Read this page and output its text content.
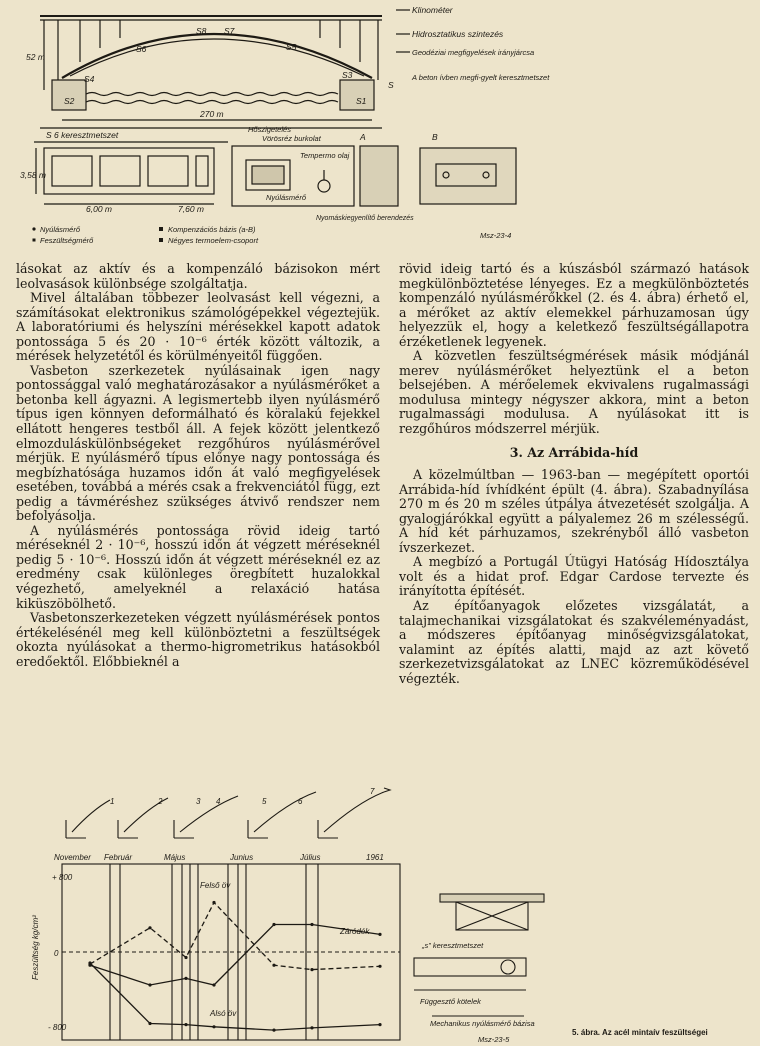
S8 S7
S6	S5
S4	S3
S2	S1
S
270 m
52 m
Klinométer
Hidrosztatikus szintezés
Geodéziai megfigyelések irányjárcsa
A beton ívben megfi-gyelt keresztmetszet
S 6 keresztmetszet
3,58 m
6,00 m	7,60 m
Hőszigetelés
Vörösréz burkolat
Tempermo olaj
Nyúlásmérő
Nyomáskiegyenlítő berendezés
A	B
Nyúlásmérő
Feszültségmérő
Kompenzációs bázis (a-B)
Négyes termoelem-csoport
Msz-23-4

lásokat az aktív és a kompenzáló bázisokon mért leolvasások különbsége szolgáltatja.

Mivel általában többezer leolvasást kell végezni, a számításokat elektronikus számológépekkel végeztejük. A laboratóriumi és helyszíni mérésekkel kapott adatok pontossága 5 és 20 · 10⁻⁶ érték között változik, a mérések helyzetétől és körülményeitől függően.

Vasbeton szerkezetek nyúlásainak igen nagy pontossággal való meghatározásakor a nyúlásmérőket a betonba kell ágyazni. A legismertebb ilyen nyúlásmérő típus igen könnyen deformálható és köralakú fejekkel ellátott hengeres testből áll. A fejek között jelentkező elmozduláskülönbségeket rezgőhúros nyúlásmérővel mérjük. E nyúlásmérő típus előnye nagy pontossága és megbízhatósága huzamos időn át való megfigyelések esetében, továbbá a mérés csak a frekvenciától függ, ezt pedig a távméréshez szükséges átvivő rendszer nem befolyásolja.

A nyúlásmérés pontossága rövid ideig tartó méréseknél 2 · 10⁻⁶, hosszú időn át végzett méréseknél pedig 5 · 10⁻⁶. Hosszú időn át végzett méréseknél ez az eredmény csak különleges öregbített huzalokkal végezhető, amelyeknél a relaxáció hatása kiküszöbölhető.

Vasbetonszerkezeteken végzett nyúlásmérések pontos értékelésénél meg kell különböztetni a feszültségek okozta nyúlásokat a thermo-higrometrikus hatásokból eredőektől. Előbbieknél a

rövid ideig tartó és a kúszásból származó hatások megkülönböztetése lényeges. Ez a megkülönböztetés kompenzáló nyúlásmérőkkel (2. és 4. ábra) érhető el, a mérőket az aktív elemekkel párhuzamosan úgy helyezzük el, hogy a keletkező feszültségállapotra érzéketlenek legyenek.

A közvetlen feszültségmérések másik módjánál merev nyúlásmérőket helyeztünk el a beton belsejében. A mérőelemek ekvivalens rugalmassági modulusa mintegy négyszer akkora, mint a beton rugalmassági modulusa. A nyúlásokat itt is rezgőhúros módszerrel mérjük.

3. Az Arrábida-híd

A közelmúltban — 1963-ban — megépített oportói Arrábida-híd ívhídként épült (4. ábra). Szabadnyílása 270 m és 20 m széles útpálya átvezetését szolgálja. A gyalogjárókkal együtt a pályalemez 26 m szélességű. A híd két párhuzamos, szekrényből álló vasbeton ívszerkezet.

A megbízó a Portugál Útügyi Hatóság Hídosztálya volt és a hidat prof. Edgar Cardose tervezte és irányította építését.

Az építőanyagok előzetes vizsgálatát, a talajmechanikai vizsgálatokat és szakvéleményadást, a módszeres építőanyag minőségvizsgálatokat, valamint az építés alatti, majd az azt követő szerkezetvizsgálatokat az LNEC közreműködésével végezték.

+ 800
0
- 800
Feszültség kg/cm²
November Február	Május	Junius	Július	1961
Felső öv
Záródék
Alsó öv
1	2	3 4	5	6
7
„s” keresztmetszet
Függesztő kötelek
Mechanikus nyúlásmérő bázisa
Msz-23-5
5. ábra. Az acél mintaív feszültségei
